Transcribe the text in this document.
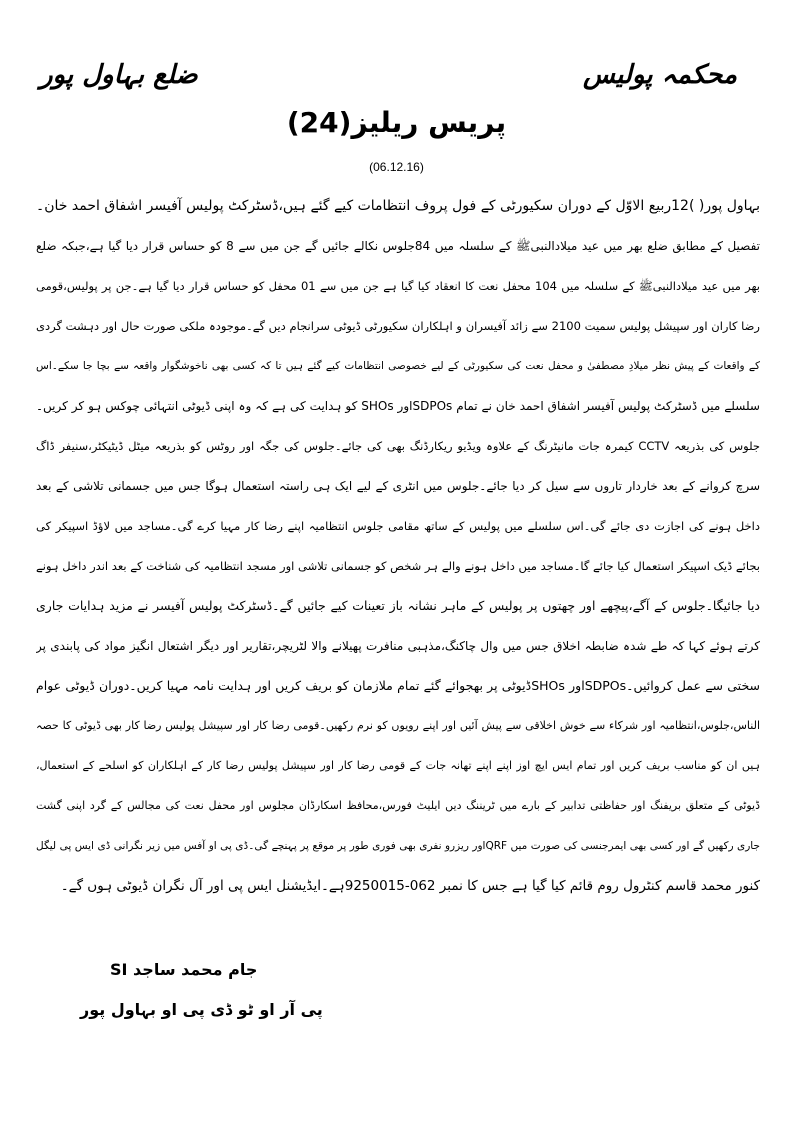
محکمہ پولیس
ضلع بہاول پور
پریس ریلیز(24)
(06.12.16)
بہاول پور( )12ربیع الاوّل کے دوران سکیورٹی کے فول پروف انتظامات کیے گئے ہیں،ڈسٹرکٹ پولیس آفیسر اشفاق احمد خان۔
تفصیل کے مطابق ضلع بھر میں عید میلادالنبیﷺ کے سلسلہ میں 84جلوس نکالے جائیں گے جن میں سے 8 کو حساس قرار دیا گیا ہے،جبکہ ضلع
بھر میں عید میلادالنبیﷺ کے سلسلہ میں 104 محفل نعت کا انعقاد کیا گیا ہے جن میں سے 01 محفل کو حساس قرار دیا گیا ہے۔جن پر پولیس،قومی
رضا کاران اور سپیشل پولیس سمیت 2100 سے زائد آفیسران و اہلکاران سکیورٹی ڈیوٹی سرانجام دیں گے۔موجودہ ملکی صورت حال اور دہشت گردی
کے واقعات کے پیش نظر میلادِ مصطفیٰ و محفل نعت کی سکیورٹی کے لیے خصوصی انتظامات کیے گئے ہیں تا کہ کسی بھی ناخوشگوار واقعہ سے بچا جا سکے۔اس
سلسلے میں ڈسٹرکٹ پولیس آفیسر اشفاق احمد خان نے تمام SDPOsاور SHOs کو ہدایت کی ہے کہ وہ اپنی ڈیوٹی انتہائی چوکس ہو کر کریں۔
جلوس کی بذریعہ CCTV کیمرہ جات مانیٹرنگ کے علاوہ ویڈیو ریکارڈنگ بھی کی جائے۔جلوس کی جگہ اور روٹس کو بذریعہ میٹل ڈیٹیکٹر،سنیفر ڈاگ
سرچ کروانے کے بعد خاردار تاروں سے سیل کر دیا جائے۔جلوس میں انٹری کے لیے ایک ہی راستہ استعمال ہوگا جس میں جسمانی تلاشی کے بعد
داخل ہونے کی اجازت دی جائے گی۔اس سلسلے میں پولیس کے ساتھ مقامی جلوس انتظامیہ اپنے رضا کار مہیا کرے گی۔مساجد میں لاؤڈ اسپیکر کی
بجائے ڈیک اسپیکر استعمال کیا جائے گا۔مساجد میں داخل ہونے والے ہر شخص کو جسمانی تلاشی اور مسجد انتظامیہ کی شناخت کے بعد اندر داخل ہونے
دیا جائیگا۔جلوس کے آگے،پیچھے اور چھتوں پر پولیس کے ماہر نشانہ باز تعینات کیے جائیں گے۔ڈسٹرکٹ پولیس آفیسر نے مزید ہدایات جاری
کرتے ہوئے کہا کہ طے شدہ ضابطہ اخلاق جس میں وال چاکنگ،مذہبی منافرت پھیلانے والا لٹریچر،تقاریر اور دیگر اشتعال انگیز مواد کی پابندی پر
سختی سے عمل کروائیں۔SDPOsاور SHOsڈیوٹی پر بھجوائے گئے تمام ملازمان کو بریف کریں اور ہدایت نامہ مہیا کریں۔دوران ڈیوٹی عوام
الناس،جلوس،انتظامیہ اور شرکاء سے خوش اخلاقی سے پیش آئیں اور اپنے رویوں کو نرم رکھیں۔قومی رضا کار اور سپیشل پولیس رضا کار بھی ڈیوٹی کا حصہ
ہیں ان کو مناسب بریف کریں اور تمام ایس ایچ اوز اپنے اپنے تھانہ جات کے قومی رضا کار اور سپیشل پولیس رضا کار کے اہلکاران کو اسلحے کے استعمال،
ڈیوٹی کے متعلق بریفنگ اور حفاظتی تدابیر کے بارے میں ٹریننگ دیں ایلیٹ فورس،محافظ اسکارڈان مجلوس اور محفل نعت کی مجالس کے گرد اپنی گشت
جاری رکھیں گے اور کسی بھی ایمرجنسی کی صورت میں QRFاور ریزرو نفری بھی فوری طور پر موقع پر پہنچے گی۔ڈی پی او آفس میں زیر نگرانی ڈی ایس پی لیگل
کنور محمد قاسم کنٹرول روم قائم کیا گیا ہے جس کا نمبر 062-9250015ہے۔ایڈیشنل ایس پی اور آل نگران ڈیوٹی ہوں گے۔
جام محمد ساجد SI
پی آر او ٹو ڈی پی او بہاول پور
